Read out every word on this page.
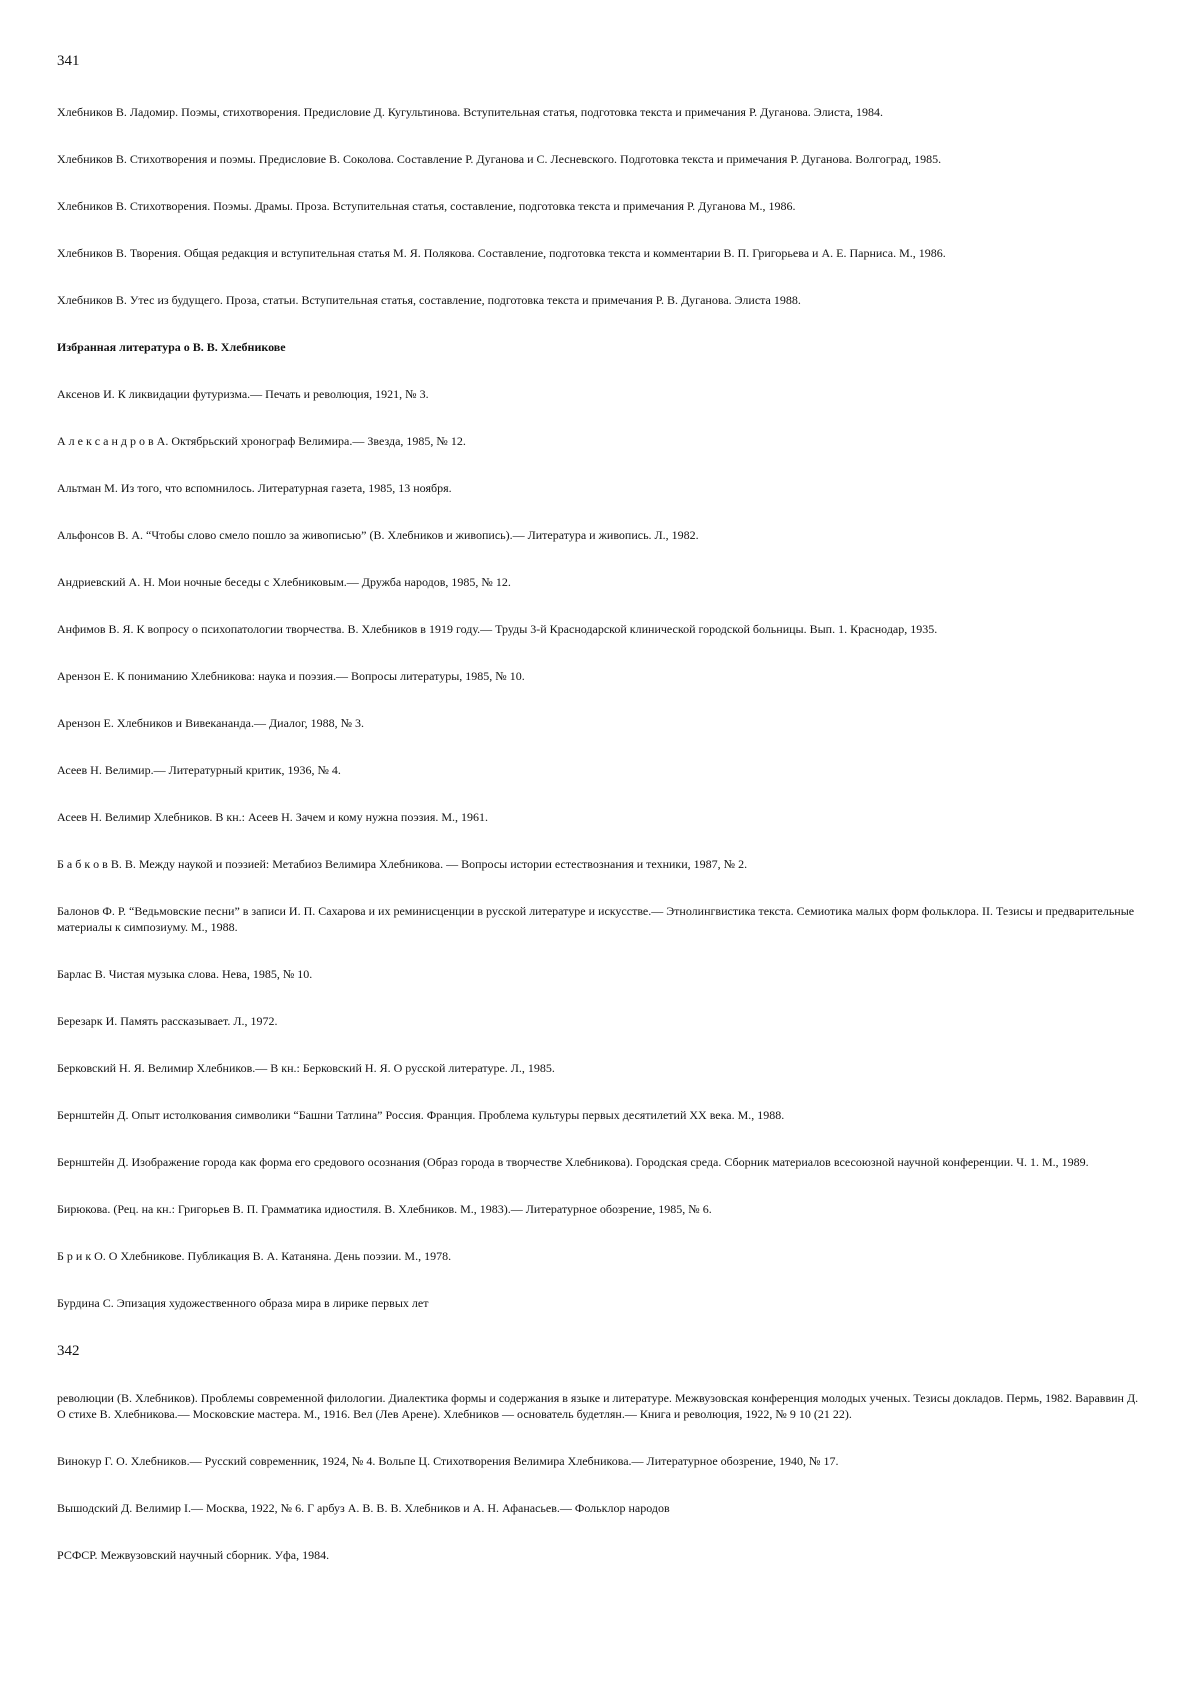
341
Хлебников В. Ладомир. Поэмы, стихотворения. Предисловие Д. Кугультинова. Вступительная статья, подготовка текста и примечания Р. Дуганова. Элиста, 1984.
Хлебников В. Стихотворения и поэмы. Предисловие В. Соколова. Составление Р. Дуганова и С. Лесневского. Подготовка текста и примечания Р. Дуганова. Волгоград, 1985.
Хлебников В. Стихотворения. Поэмы. Драмы. Проза. Вступительная статья, составление, подготовка текста и примечания Р. Дуганова М., 1986.
Хлебников В. Творения. Общая редакция и вступительная статья М. Я. Полякова. Составление, подготовка текста и комментарии В. П. Григорьева и А. Е. Парниса. М., 1986.
Хлебников В. Утес из будущего. Проза, статьи. Вступительная статья, составление, подготовка текста и примечания Р. В. Дуганова. Элиста 1988.
Избранная литература о В. В. Хлебникове
Аксенов И. К ликвидации футуризма.— Печать и революция, 1921, № 3.
А л е к с а н д р о в А. Октябрьский хронограф Велимира.— Звезда, 1985, № 12.
Альтман М. Из того, что вспомнилось. Литературная газета, 1985, 13 ноября.
Альфонсов В. А. “Чтобы слово смело пошло за живописью” (В. Хлебников и живопись).— Литература и живопись. Л., 1982.
Андриевский А. Н. Мои ночные беседы с Хлебниковым.— Дружба народов, 1985, № 12.
Анфимов В. Я. К вопросу о психопатологии творчества. В. Хлебников в 1919 году.— Труды 3-й Краснодарской клинической городской больницы. Вып. 1. Краснодар, 1935.
Арензон Е. К пониманию Хлебникова: наука и поэзия.— Вопросы литературы, 1985, № 10.
Арензон Е. Хлебников и Вивекананда.— Диалог, 1988, № 3.
Асеев Н. Велимир.— Литературный критик, 1936, № 4.
Асеев Н. Велимир Хлебников. В кн.: Асеев Н. Зачем и кому нужна поэзия. М., 1961.
Б а б к о в В. В. Между наукой и поэзией: Метабиоз Велимира Хлебникова. — Вопросы истории естествознания и техники, 1987, № 2.
Балонов Ф. Р. “Ведьмовские песни” в записи И. П. Сахарова и их реминисценции в русской литературе и искусстве.— Этнолингвистика текста. Семиотика малых форм фольклора. II. Тезисы и предварительные материалы к симпозиуму. М., 1988.
Барлас В. Чистая музыка слова. Нева, 1985, № 10.
Березарк И. Память рассказывает. Л., 1972.
Берковский Н. Я. Велимир Хлебников.— В кн.: Берковский Н. Я. О русской литературе. Л., 1985.
Бернштейн Д. Опыт истолкования символики “Башни Татлина” Россия. Франция. Проблема культуры первых десятилетий XX века. М., 1988.
Бернштейн Д. Изображение города как форма его средового осознания (Образ города в творчестве Хлебникова). Городская среда. Сборник материалов всесоюзной научной конференции. Ч. 1. М., 1989.
Бирюкова. (Рец. на кн.: Григорьев В. П. Грамматика идиостиля. В. Хлебников. М., 1983).— Литературное обозрение, 1985, № 6.
Б р и к О. О Хлебникове. Публикация В. А. Катаняна. День поэзии. М., 1978.
Бурдина С. Эпизация художественного образа мира в лирике первых лет
342
революции (В. Хлебников). Проблемы современной филологии. Диалектика формы и содержания в языке и литературе. Межвузовская конференция молодых ученых. Тезисы докладов. Пермь, 1982. Вараввин Д. О стихе В. Хлебникова.— Московские мастера. М., 1916. Вел (Лев Арене). Хлебников — основатель будетлян.— Книга и революция, 1922, № 9 10 (21 22).
Винокур Г. О. Хлебников.— Русский современник, 1924, № 4. Вольпе Ц. Стихотворения Велимира Хлебникова.— Литературное обозрение, 1940, № 17.
Вышодский Д. Велимир I.— Москва, 1922, № 6. Г арбуз А. В. В. В. Хлебников и А. Н. Афанасьев.— Фольклор народов
РСФСР. Межвузовский научный сборник. Уфа, 1984.
